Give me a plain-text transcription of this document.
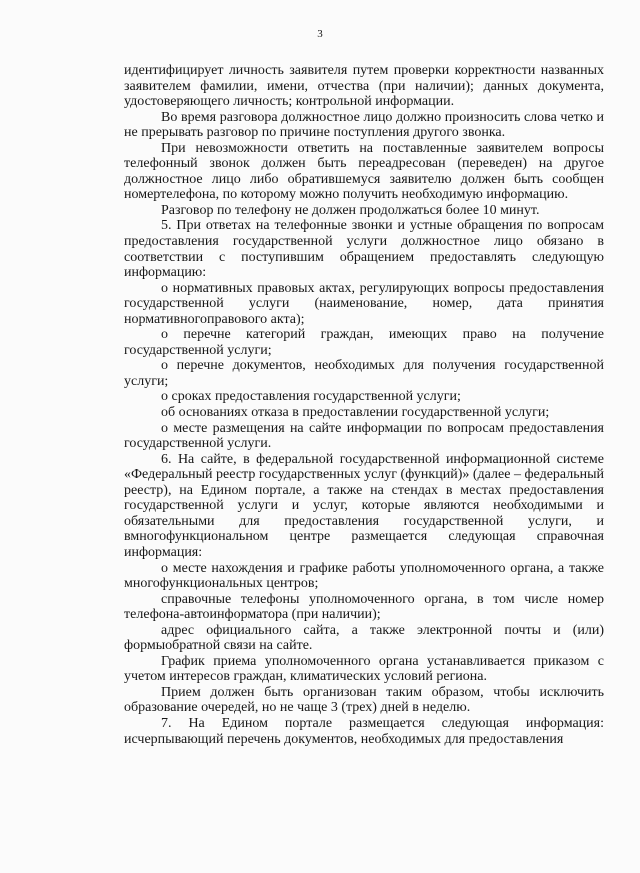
3

идентифицирует личность заявителя путем проверки корректности названных заявителем фамилии, имени, отчества (при наличии); данных документа, удостоверяющего личность; контрольной информации.

Во время разговора должностное лицо должно произносить слова четко и не прерывать разговор по причине поступления другого звонка.

При невозможности ответить на поставленные заявителем вопросы телефонный звонок должен быть переадресован (переведен) на другое должностное лицо либо обратившемуся заявителю должен быть сообщен номертелефона, по которому можно получить необходимую информацию.

Разговор по телефону не должен продолжаться более 10 минут.

5. При ответах на телефонные звонки и устные обращения по вопросам предоставления государственной услуги должностное лицо обязано в соответствии с поступившим обращением предоставлять следующую информацию:

о нормативных правовых актах, регулирующих вопросы предоставления государственной услуги (наименование, номер, дата принятия нормативногоправового акта);

о перечне категорий граждан, имеющих право на получение государственной услуги;

о перечне документов, необходимых для получения государственной услуги;

о сроках предоставления государственной услуги;

об основаниях отказа в предоставлении государственной услуги;

о месте размещения на сайте информации по вопросам предоставления государственной услуги.

6. На сайте, в федеральной государственной информационной системе «Федеральный реестр государственных услуг (функций)» (далее – федеральный реестр), на Едином портале, а также на стендах в местах предоставления государственной услуги и услуг, которые являются необходимыми и обязательными для предоставления государственной услуги, и вмногофункциональном центре размещается следующая справочная информация:

о месте нахождения и графике работы уполномоченного органа, а также многофункциональных центров;

справочные телефоны уполномоченного органа, в том числе номер телефона-автоинформатора (при наличии);

адрес официального сайта, а также электронной почты и (или) формыобратной связи на сайте.

График приема уполномоченного органа устанавливается приказом с учетом интересов граждан, климатических условий региона.

Прием должен быть организован таким образом, чтобы исключить образование очередей, но не чаще 3 (трех) дней в неделю.

7. На Едином портале размещается следующая информация: исчерпывающий перечень документов, необходимых для предоставления
